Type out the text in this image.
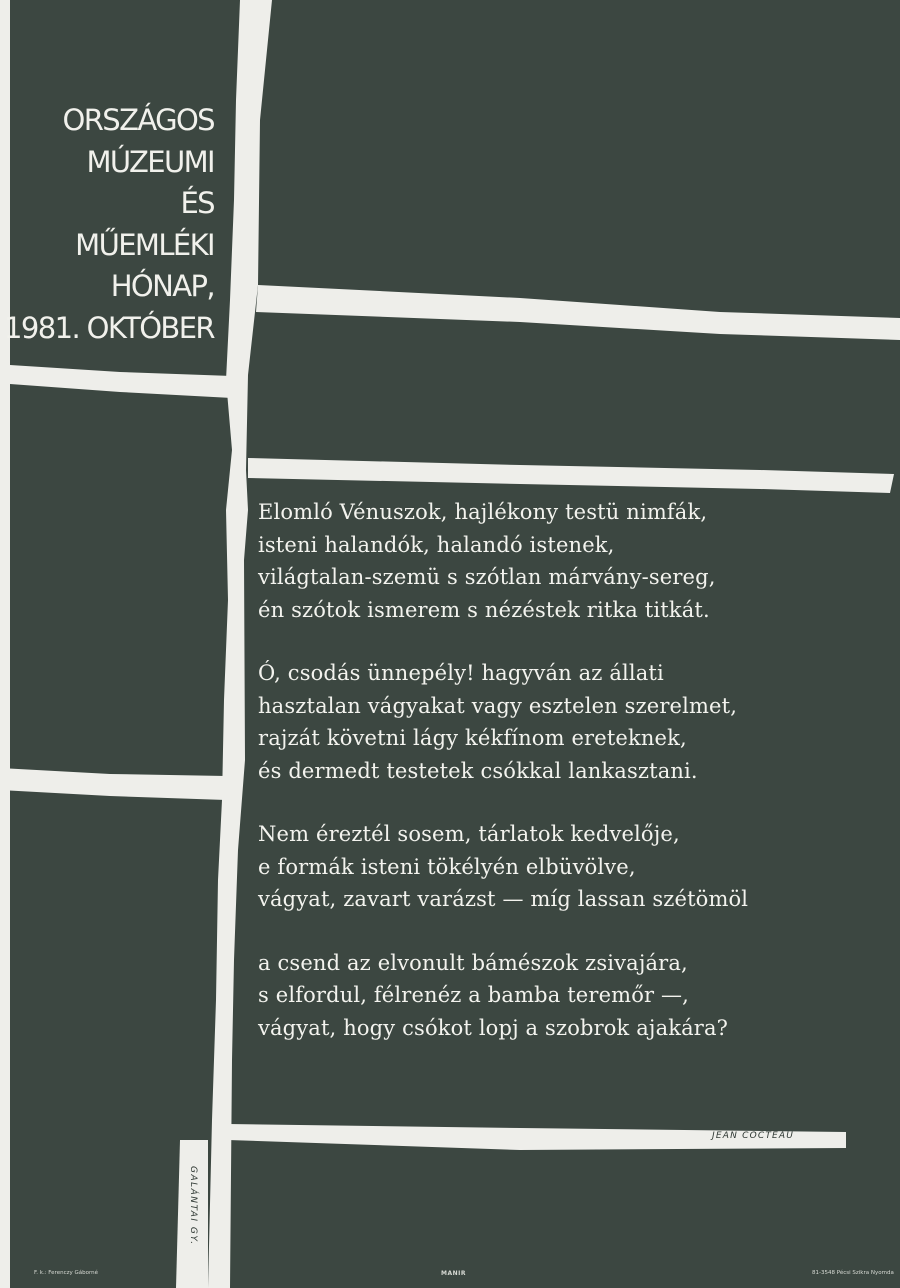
ORSZÁGOS
MÚZEUMI
ÉS
MŰEMLÉKI
HÓNAP,
1981. OKTÓBER
Elomló Vénuszok, hajlékony testü nimfák,
isteni halandók, halandó istenek,
világtalan-szemü s szótlan márvány-sereg,
én szótok ismerem s nézéstek ritka titkát.
Ó, csodás ünnepély! hagyván az állati
hasztalan vágyakat vagy esztelen szerelmet,
rajzát követni lágy kékfínom ereteknek,
és dermedt testetek csókkal lankasztani.
Nem éreztél sosem, tárlatok kedvelője,
e formák isteni tökélyén elbüvölve,
vágyat, zavart varázst — míg lassan szétömöl
a csend az elvonult bámészok zsivajára,
s elfordul, félrenéz a bamba teremőr —,
vágyat, hogy csókot lopj a szobrok ajakára?
JEAN COCTEAU
GALÁNTAI GY.
F. k.: Ferenczy Gáborné	MANIR	81-3548 Pécsi Szikra Nyomda
